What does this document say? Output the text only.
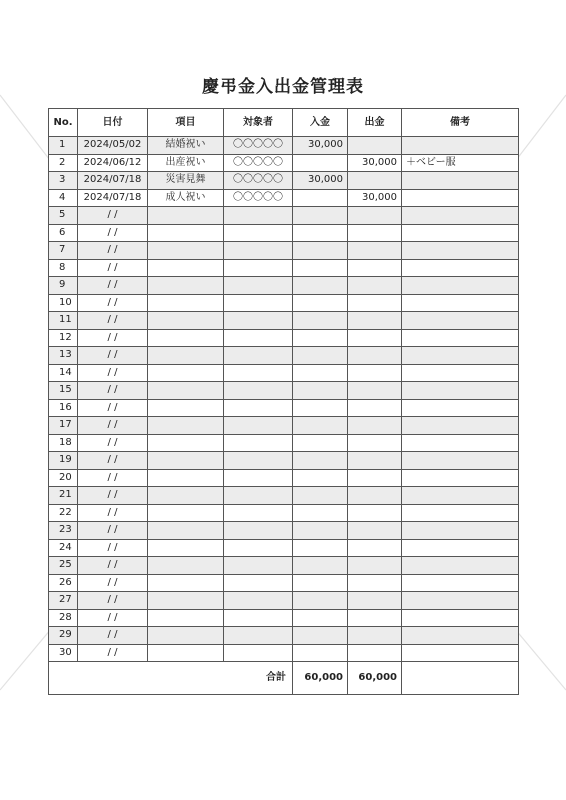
慶弔金入出金管理表
No.	日付	項目	対象者	入金	出金	備考
1	2024/05/02	結婚祝い	〇〇〇〇〇	30,000		
2	2024/06/12	出産祝い	〇〇〇〇〇		30,000	＋ベビー服
3	2024/07/18	災害見舞	〇〇〇〇〇	30,000		
4	2024/07/18	成人祝い	〇〇〇〇〇		30,000	
5	/ /					
6	/ /					
7	/ /					
8	/ /					
9	/ /					
10	/ /					
11	/ /					
12	/ /					
13	/ /					
14	/ /					
15	/ /					
16	/ /					
17	/ /					
18	/ /					
19	/ /					
20	/ /					
21	/ /					
22	/ /					
23	/ /					
24	/ /					
25	/ /					
26	/ /					
27	/ /					
28	/ /					
29	/ /					
30	/ /					
合計				60,000	60,000	
